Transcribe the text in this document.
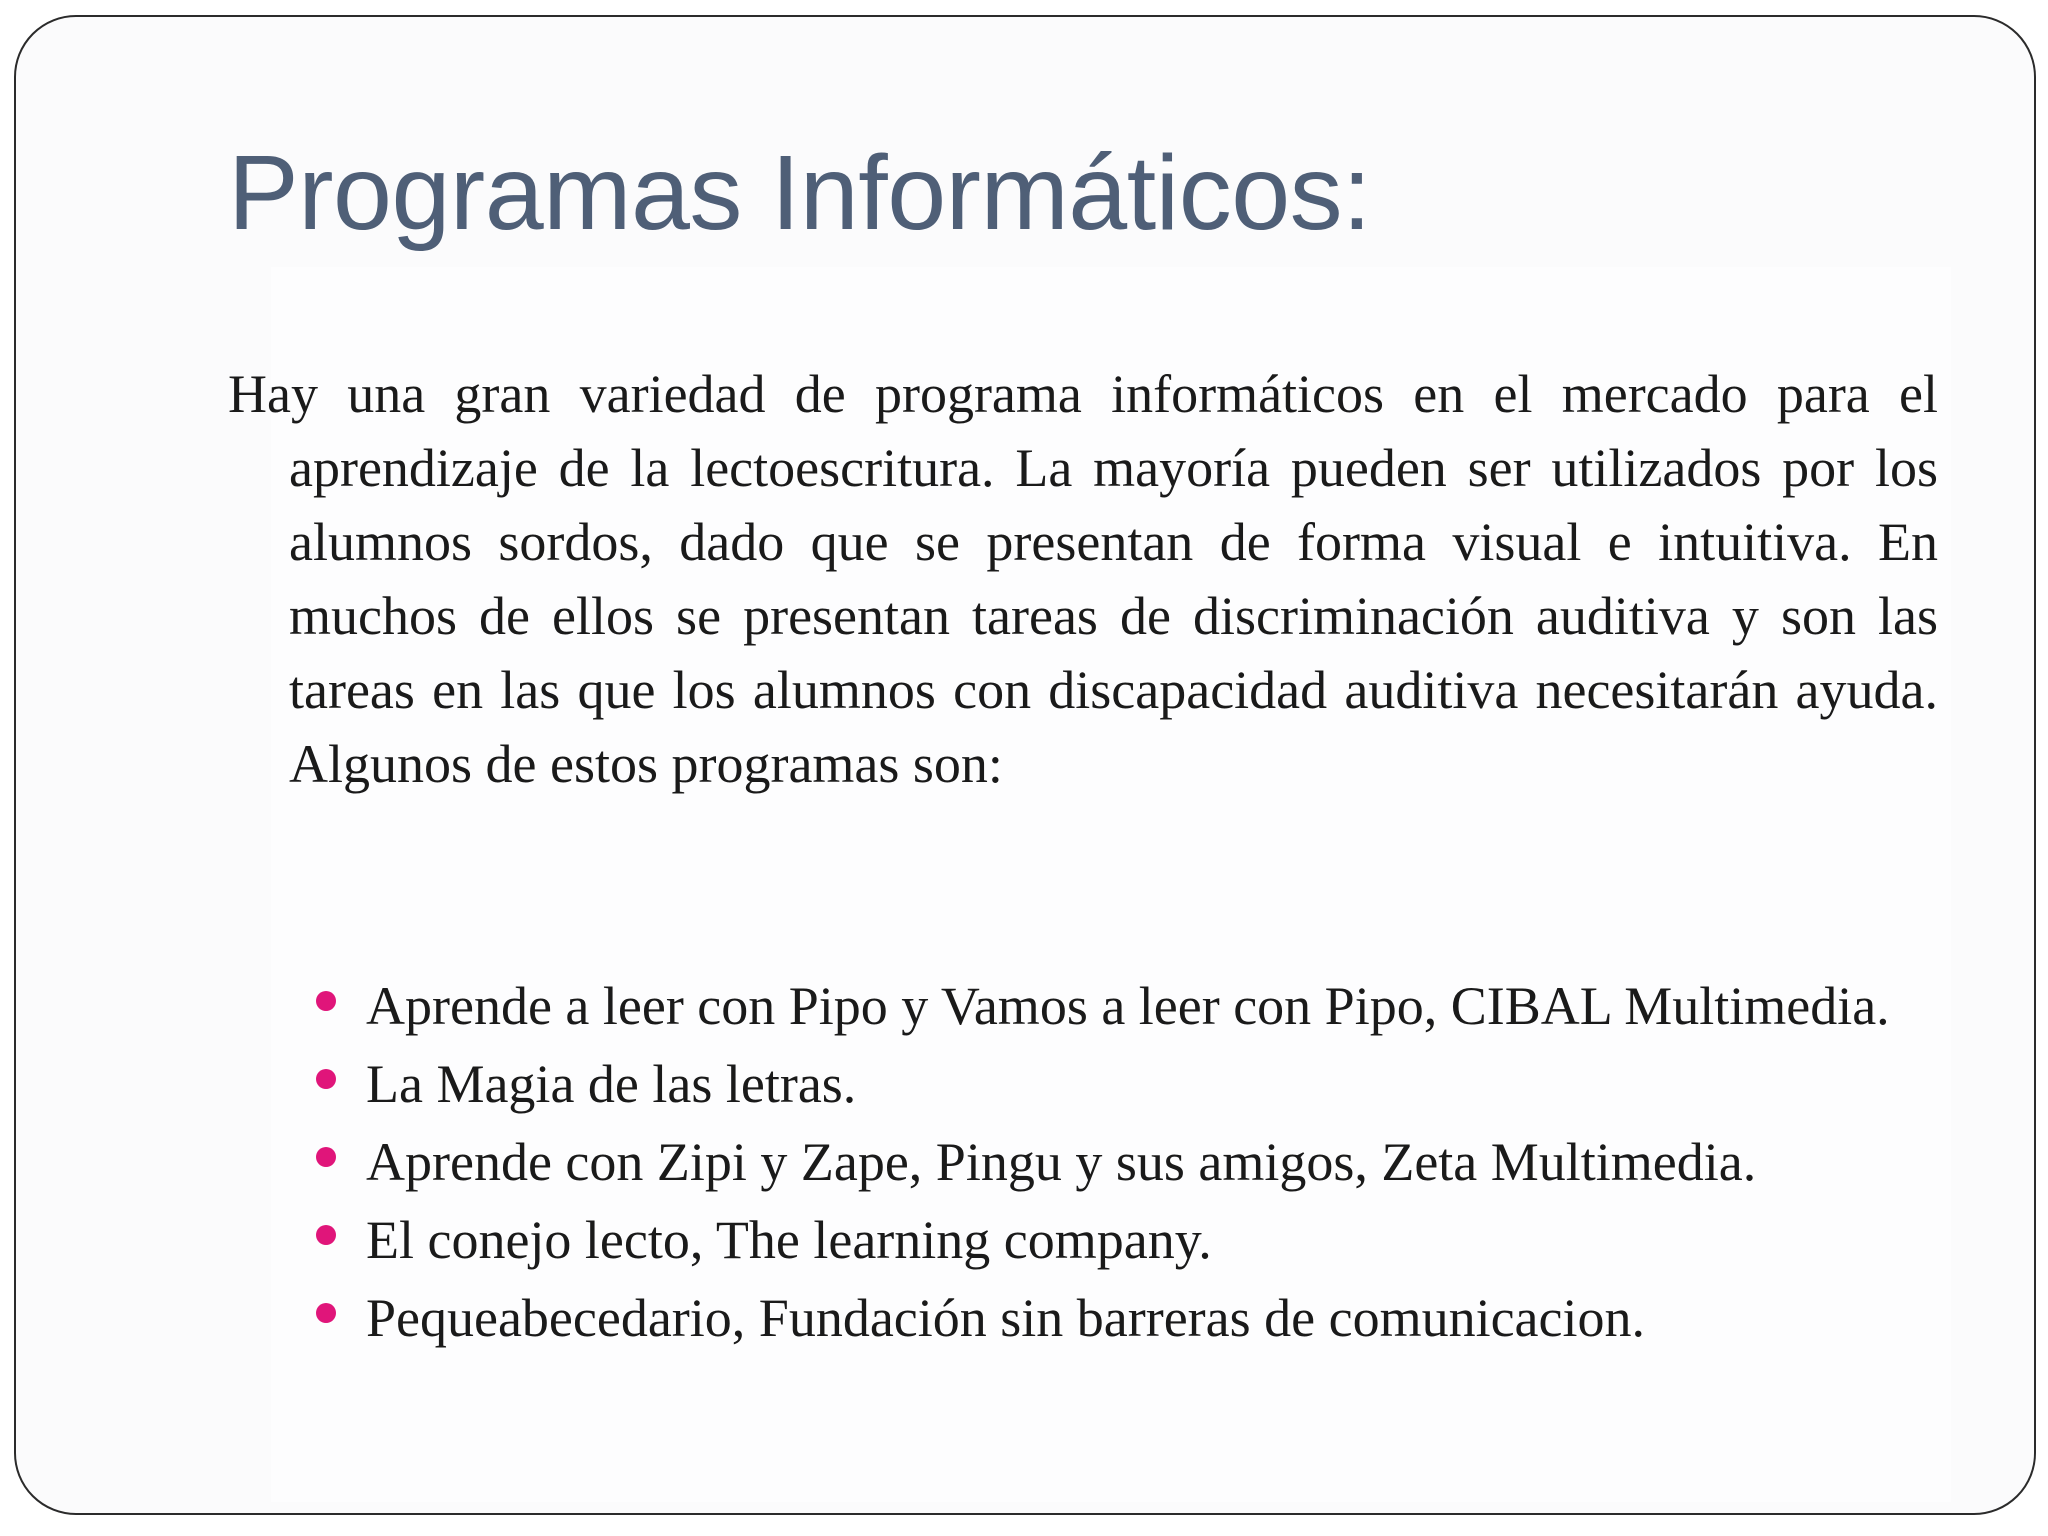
Programas Informáticos:

Hay una gran variedad de programa informáticos en el mercado para el aprendizaje de la lectoescritura. La mayoría pueden ser utilizados por los alumnos sordos, dado que se presentan de forma visual e intuitiva. En muchos de ellos se presentan tareas de discriminación auditiva y son las tareas en las que los alumnos con discapacidad auditiva necesitarán ayuda. Algunos de estos programas son:

Aprende a leer con Pipo y Vamos a leer con Pipo, CIBAL Multimedia.
La Magia de las letras.
Aprende con Zipi y Zape, Pingu y sus amigos, Zeta Multimedia.
El conejo lecto, The learning company.
Pequeabecedario, Fundación sin barreras de comunicacion.
